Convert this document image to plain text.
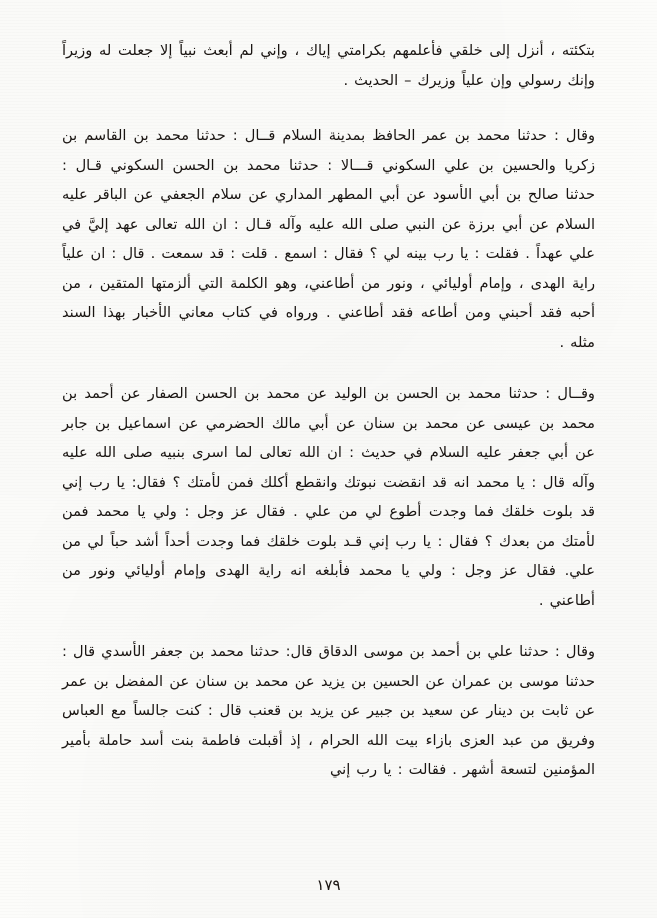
بتكئته ، أنزل إلى خلقي فأعلمهم بكرامتي إياك ، وإني لم أبعث نبياً إلا جعلت له وزيراً وإنك رسولي وإن علياً وزيرك – الحديث .

وقال : حدثنا محمد بن عمر الحافظ بمدينة السلام قــال : حدثنا محمد بن القاسم بن زكريا والحسين بن علي السكوني قـــالا : حدثنا محمد بن الحسن السكوني قـال : حدثنا صالح بن أبي الأسود عن أبي المطهر المداري عن سلام الجعفي عن الباقر عليه السلام عن أبي برزة عن النبي صلى الله عليه وآله قـال : ان الله تعالى عهد إليَّ في علي عهداً . فقلت : يا رب بينه لي ؟ فقال : اسمع . قلت : قد سمعت . قال : ان علياً راية الهدى ، وإمام أوليائي ، ونور من أطاعني، وهو الكلمة التي ألزمتها المتقين ، من أحبه فقد أحبني ومن أطاعه فقد أطاعني . ورواه في كتاب معاني الأخبار بهذا السند مثله .

وقــال : حدثنا محمد بن الحسن بن الوليد عن محمد بن الحسن الصفار عن أحمد بن محمد بن عيسى عن محمد بن سنان عن أبي مالك الحضرمي عن اسماعيل بن جابر عن أبي جعفر عليه السلام في حديث : ان الله تعالى لما اسرى بنبيه صلى الله عليه وآله قال : يا محمد انه قد انقضت نبوتك وانقطع أكلك فمن لأمتك ؟ فقال: يا رب إني قد بلوت خلقك فما وجدت أطوع لي من علي . فقال عز وجل : ولي يا محمد فمن لأمتك من بعدك ؟ فقال : يا رب إني قـد بلوت خلقك فما وجدت أحداً أشد حباً لي من علي. فقال عز وجل : ولي يا محمد فأبلغه انه راية الهدى وإمام أوليائي ونور من أطاعني .

وقال : حدثنا علي بن أحمد بن موسى الدقاق قال: حدثنا محمد بن جعفر الأسدي قال : حدثنا موسى بن عمران عن الحسين بن يزيد عن محمد بن سنان عن المفضل بن عمر عن ثابت بن دينار عن سعيد بن جبير عن يزيد بن قعنب قال : كنت جالساً مع العباس وفريق من عبد العزى بازاء بيت الله الحرام ، إذ أقبلت فاطمة بنت أسد حاملة بأمير المؤمنين لتسعة أشهر . فقالت : يا رب إني

١٧٩
